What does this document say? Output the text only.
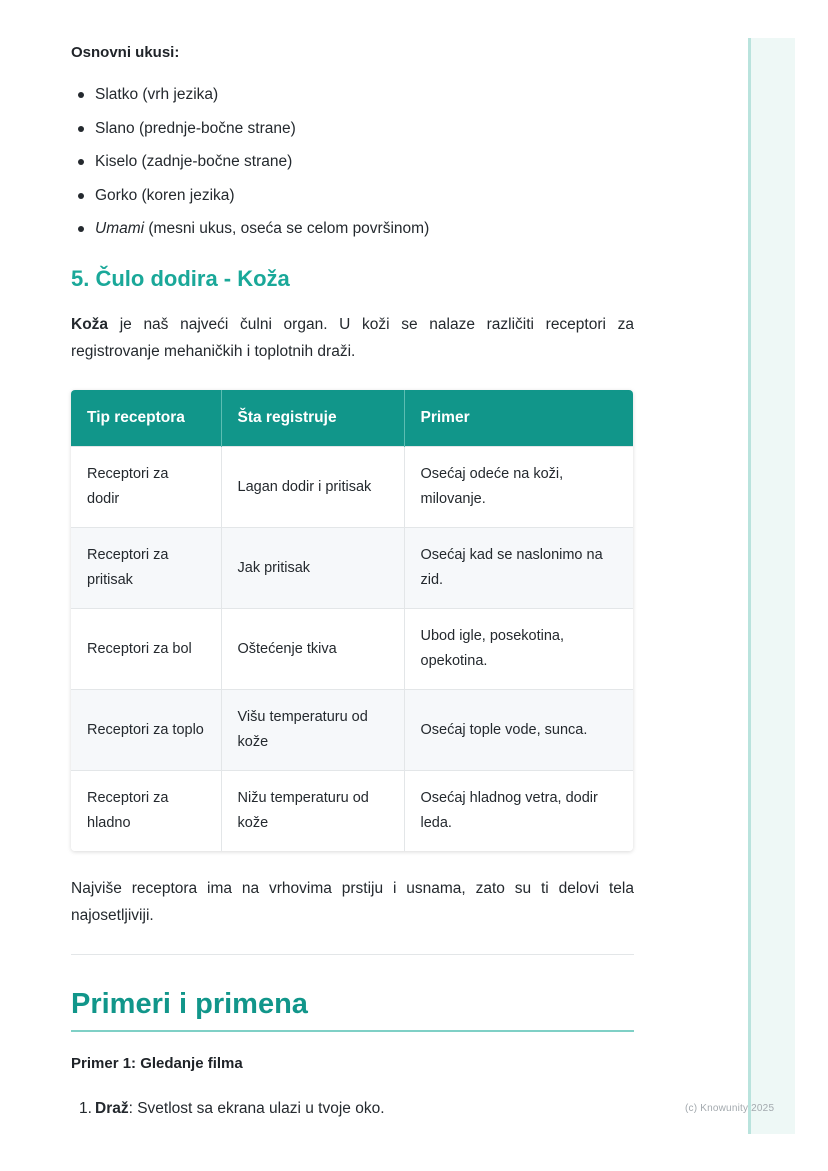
(c) Knowunity 2025
Osnovni ukusi:
Slatko (vrh jezika)
Slano (prednje-bočne strane)
Kiselo (zadnje-bočne strane)
Gorko (koren jezika)
Umami (mesni ukus, oseća se celom površinom)
5. Čulo dodira - Koža

Koža je naš najveći čulni organ. U koži se nalaze različiti receptori za registrovanje mehaničkih i toplotnih draži.

Tip receptora	Šta registruje	Primer
Receptori za dodir	Lagan dodir i pritisak	Osećaj odeće na koži, milovanje.
Receptori za pritisak	Jak pritisak	Osećaj kad se naslonimo na zid.
Receptori za bol	Oštećenje tkiva	Ubod igle, posekotina, opekotina.
Receptori za toplo	Višu temperaturu od kože	Osećaj tople vode, sunca.
Receptori za hladno	Nižu temperaturu od kože	Osećaj hladnog vetra, dodir leda.

Najviše receptora ima na vrhovima prstiju i usnama, zato su ti delovi tela najosetljiviji.

Primeri i primena
Primer 1: Gledanje filma
1. Draž: Svetlost sa ekrana ulazi u tvoje oko.
